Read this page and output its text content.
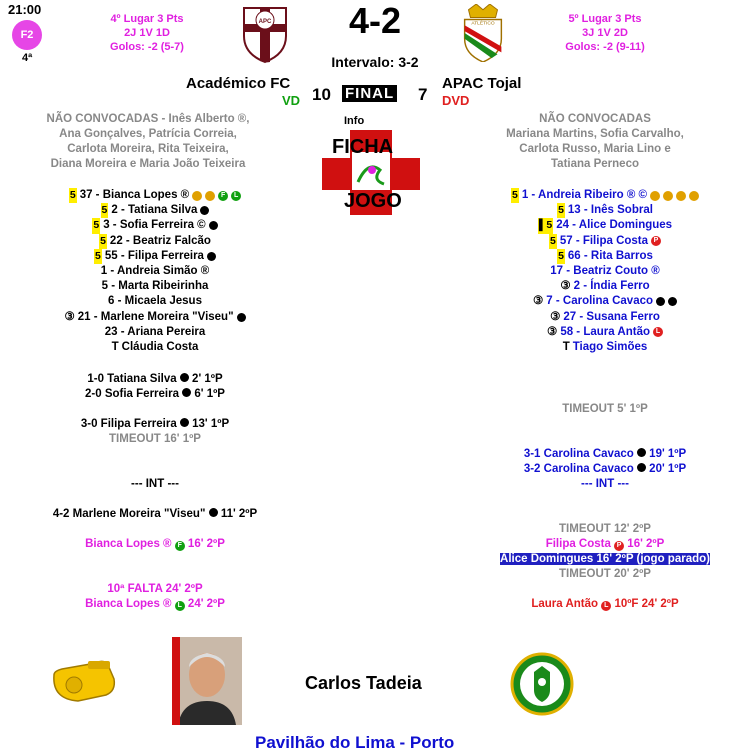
21:00
F2
4ª
4º Lugar 3 Pts
2J 1V 1D
Golos: -2 (5-7)
5º Lugar 3 Pts
3J 1V 2D
Golos: -2 (9-11)
APC	ATLÉTICO
4-2
Intervalo: 3-2
Académico FC	APAC Tojal
VD	DVD
10 FINAL 7
NÃO CONVOCADAS - Inês Alberto ®,
Ana Gonçalves, Patrícia Correia,
Carlota Moreira, Rita Teixeira,
Diana Moreira e Maria João Teixeira
NÃO CONVOCADAS
Mariana Martins, Sofia Carvalho,
Carlota Russo, Maria Lino e
Tatiana Perneco
Info
FICHA
JOGO
5 37 - Bianca Lopes ®	F	L
5 2 - Tatiana Silva
5 3 - Sofia Ferreira ©
5 22 - Beatriz Falcão
5 55 - Filipa Ferreira
1 - Andreia Simão ®
5 - Marta Ribeirinha
6 - Micaela Jesus
③ 21 - Marlene Moreira "Viseu"
23 - Ariana Pereira
T Cláudia Costa
5 1 - Andreia Ribeiro ® ©
5 13 - Inês Sobral
▌5 24 - Alice Domingues
5 57 - Filipa Costa P
5 66 - Rita Barros
17 - Beatriz Couto ®
③ 2 - Índia Ferro
③ 7 - Carolina Cavaco
③ 27 - Susana Ferro
③ 58 - Laura Antão L
T Tiago Simões
1-0 Tatiana Silva 2' 1ºP
2-0 Sofia Ferreira 6' 1ºP
3-0 Filipa Ferreira 13' 1ºP
TIMEOUT 16' 1ºP
--- INT ---
4-2 Marlene Moreira "Viseu" 11' 2ºP
Bianca Lopes ® F 16' 2ºP
10ª FALTA 24' 2ºP
Bianca Lopes ® L 24' 2ºP
TIMEOUT 5' 1ºP
3-1 Carolina Cavaco 19' 1ºP
3-2 Carolina Cavaco 20' 1ºP
--- INT ---
TIMEOUT 12' 2ºP
Filipa Costa P 16' 2ºP
Alice Domingues 16' 2ºP (jogo parado)
TIMEOUT 20' 2ºP
Laura Antão L 10ºF 24' 2ºP
Carlos Tadeia
Pavilhão do Lima - Porto
